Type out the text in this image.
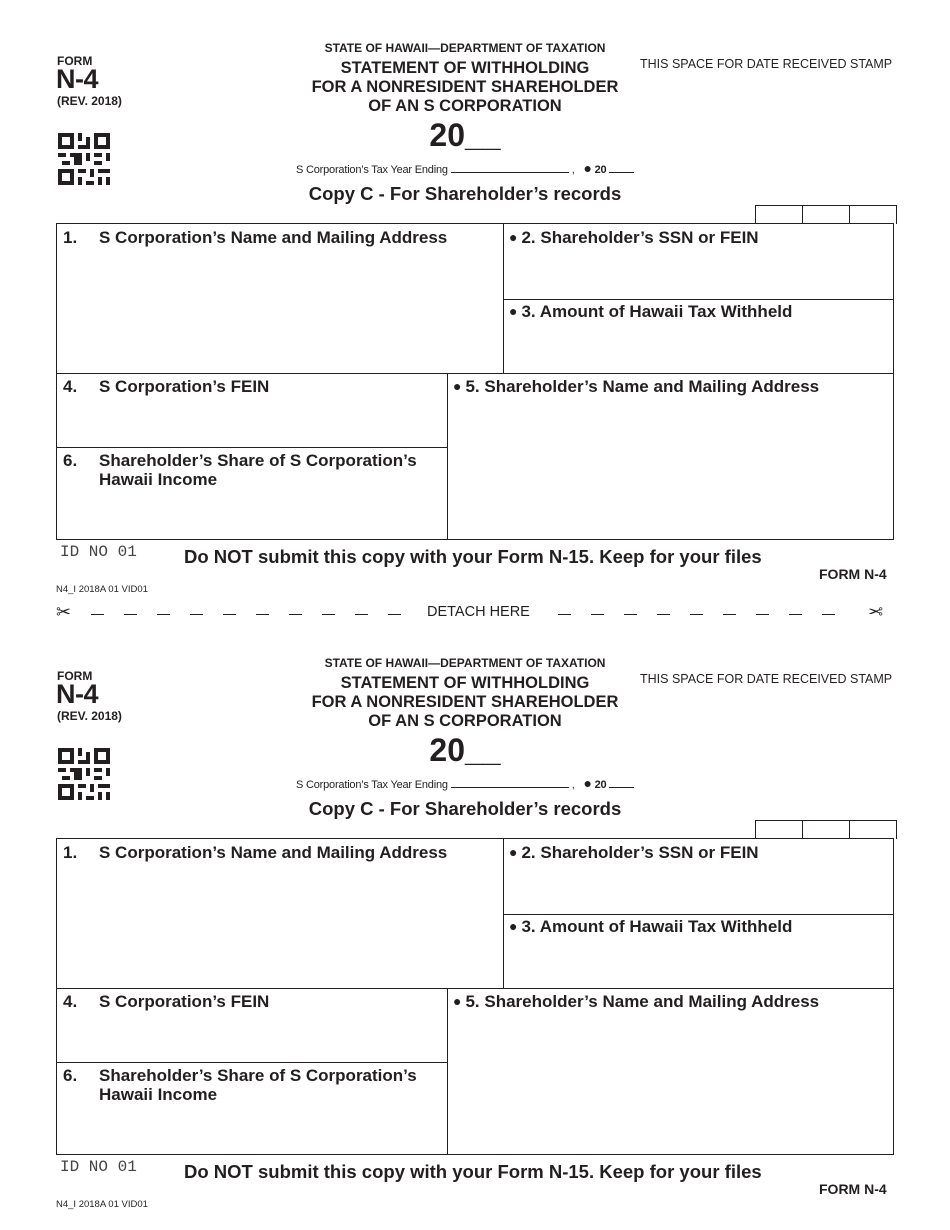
FORM
N-4
(REV. 2018)
STATE OF HAWAII—DEPARTMENT OF TAXATION
STATEMENT OF WITHHOLDING
FOR A NONRESIDENT SHAREHOLDER
OF AN S CORPORATION
20__
THIS SPACE FOR DATE RECEIVED STAMP
S Corporation’s Tax Year Ending	, ● 20
Copy C - For Shareholder’s records
1. S Corporation’s Name and Mailing Address	● 2. Shareholder’s SSN or FEIN
● 3. Amount of Hawaii Tax Withheld
4. S Corporation’s FEIN	● 5. Shareholder’s Name and Mailing Address
6. Shareholder’s Share of S Corporation’s
Hawaii Income
ID NO 01	Do NOT submit this copy with your Form N-15. Keep for your files
FORM N-4
N4_I 2018A 01 VID01
✂	DETACH HERE	✂
FORM
N-4
(REV. 2018)
STATE OF HAWAII—DEPARTMENT OF TAXATION
STATEMENT OF WITHHOLDING
FOR A NONRESIDENT SHAREHOLDER
OF AN S CORPORATION
20__
THIS SPACE FOR DATE RECEIVED STAMP
S Corporation’s Tax Year Ending	, ● 20
Copy C - For Shareholder’s records
1. S Corporation’s Name and Mailing Address	● 2. Shareholder’s SSN or FEIN
● 3. Amount of Hawaii Tax Withheld
4. S Corporation’s FEIN	● 5. Shareholder’s Name and Mailing Address
6. Shareholder’s Share of S Corporation’s
Hawaii Income
ID NO 01	Do NOT submit this copy with your Form N-15. Keep for your files
FORM N-4
N4_I 2018A 01 VID01
